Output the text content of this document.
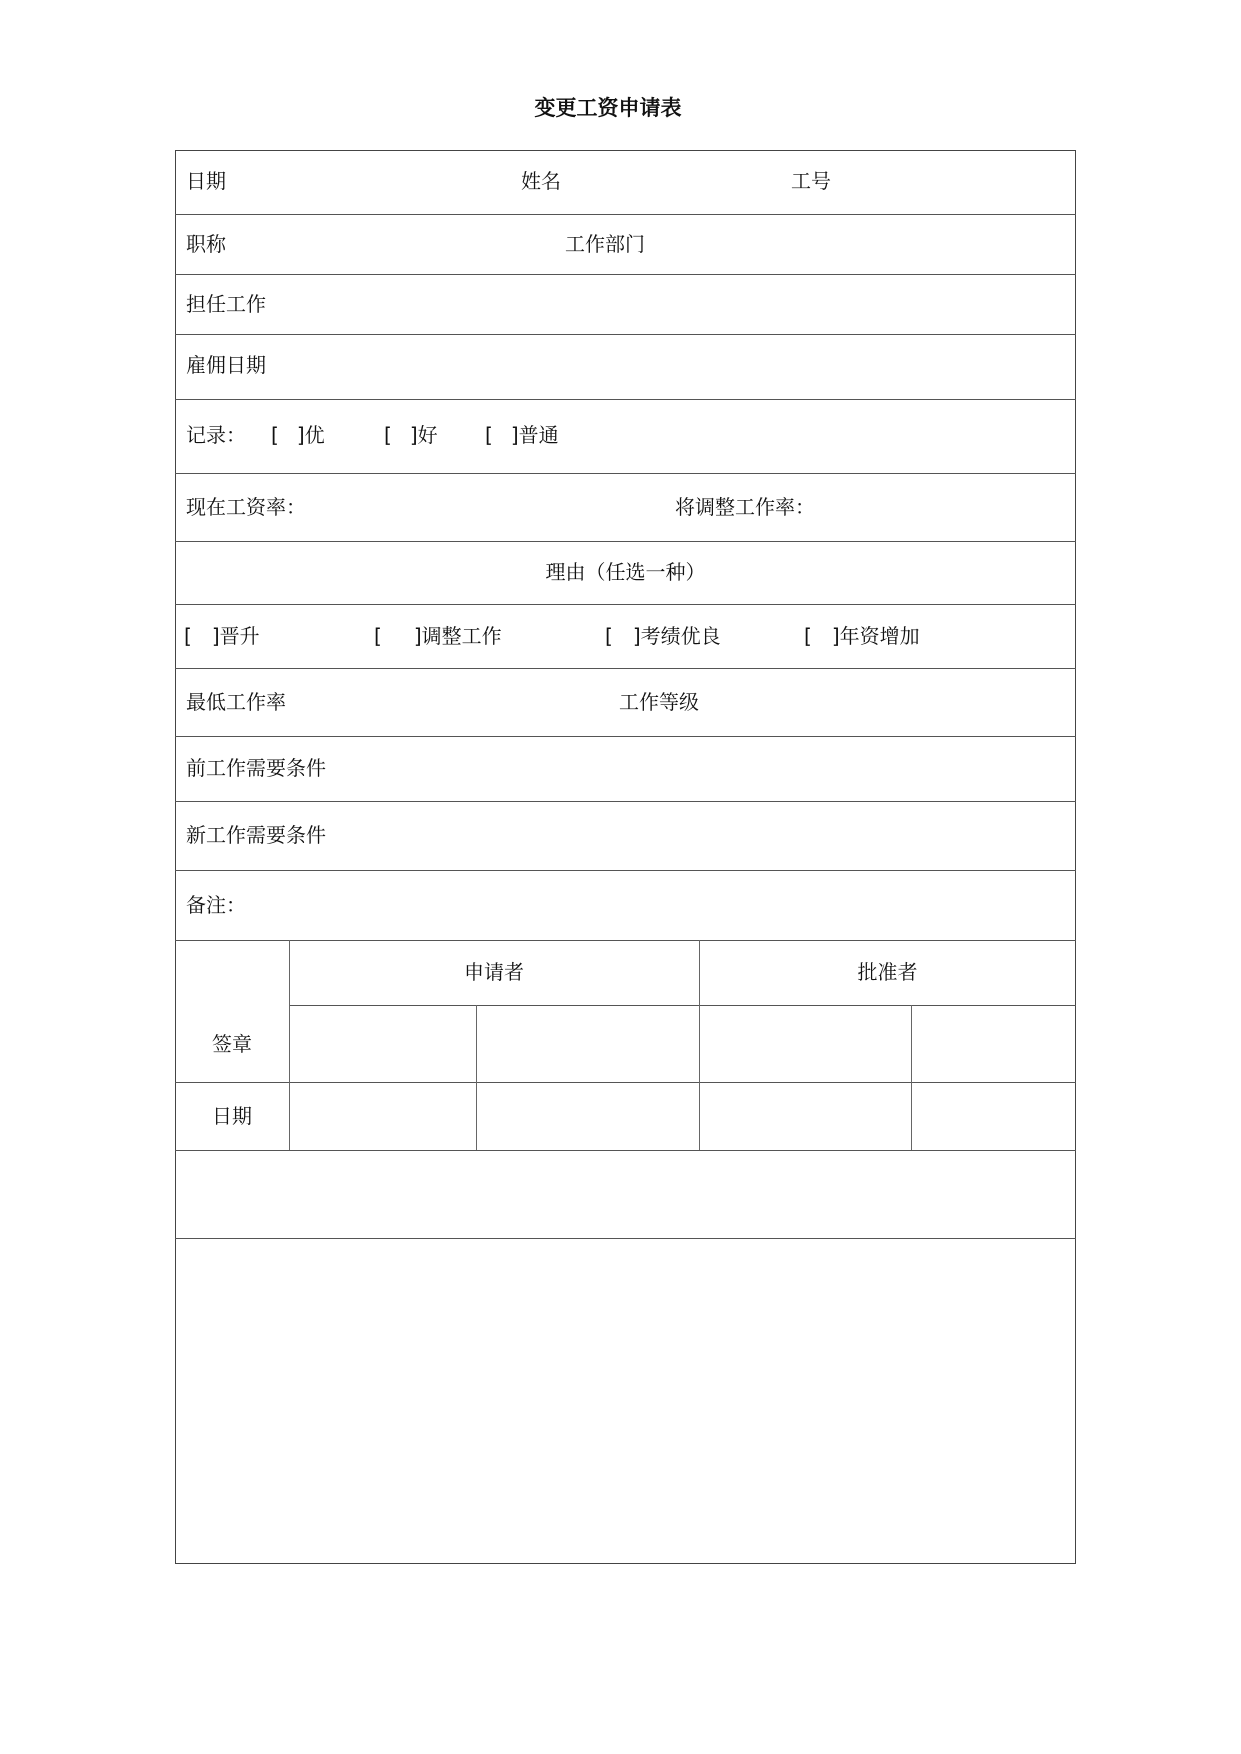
变更工资申请表
日期	姓名	工号
职称	工作部门
担任工作
雇佣日期
记录： [ ]优	[ ]好 [ ]普通
现在工资率：	将调整工作率：
理由（任选一种）
[ ]晋升	[ ]调整工作	[ ]考绩优良	[ ]年资增加
最低工作率	工作等级
前工作需要条件
新工作需要条件
备注：
申请者	批准者
签章
日期
